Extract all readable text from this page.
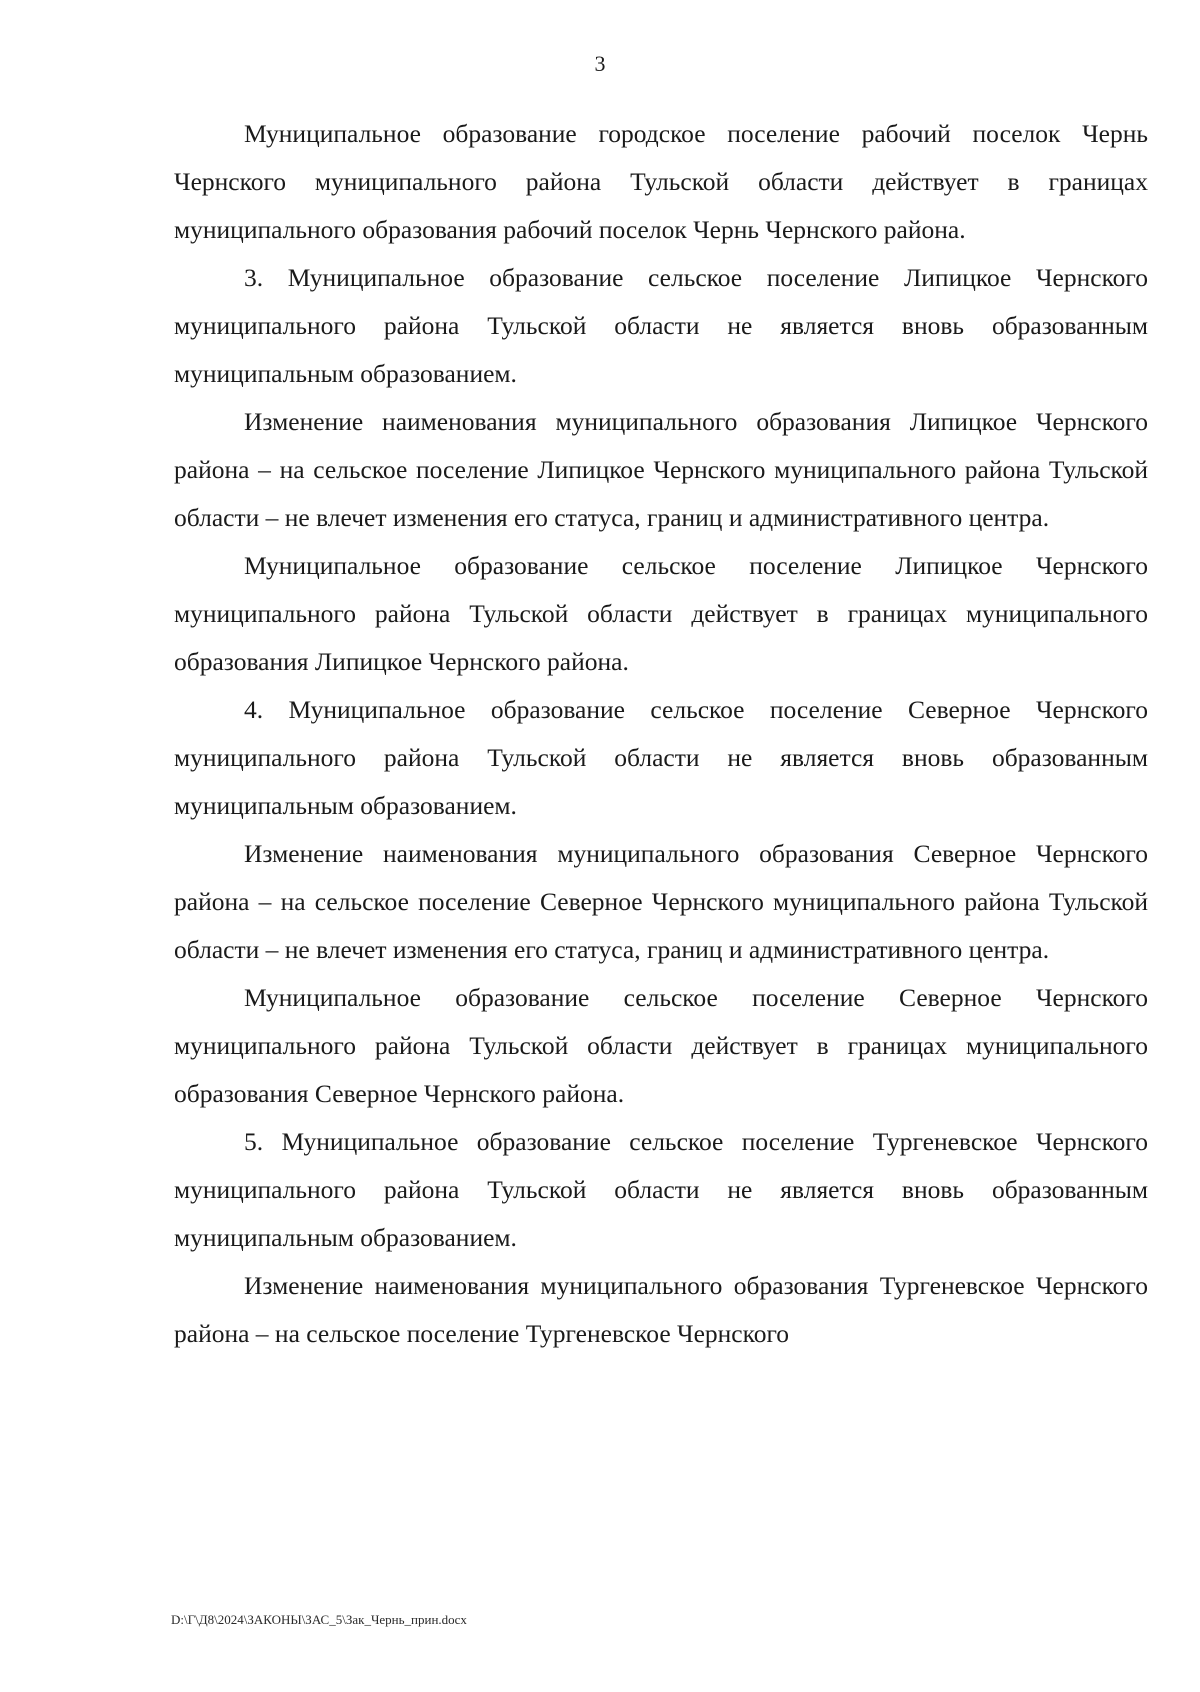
3

Муниципальное образование городское поселение рабочий поселок Чернь Чернского муниципального района Тульской области действует в границах муниципального образования рабочий поселок Чернь Чернского района.

3. Муниципальное образование сельское поселение Липицкое Чернского муниципального района Тульской области не является вновь образованным муниципальным образованием.

Изменение наименования муниципального образования Липицкое Чернского района – на сельское поселение Липицкое Чернского муниципального района Тульской области – не влечет изменения его статуса, границ и административного центра.

Муниципальное образование сельское поселение Липицкое Чернского муниципального района Тульской области действует в границах муниципального образования Липицкое Чернского района.

4. Муниципальное образование сельское поселение Северное Чернского муниципального района Тульской области не является вновь образованным муниципальным образованием.

Изменение наименования муниципального образования Северное Чернского района – на сельское поселение Северное Чернского муниципального района Тульской области – не влечет изменения его статуса, границ и административного центра.

Муниципальное образование сельское поселение Северное Чернского муниципального района Тульской области действует в границах муниципального образования Северное Чернского района.

5. Муниципальное образование сельское поселение Тургеневское Чернского муниципального района Тульской области не является вновь образованным муниципальным образованием.

Изменение наименования муниципального образования Тургеневское Чернского района – на сельское поселение Тургеневское Чернского

D:\Г\Д8\2024\ЗАКОНЫ\ЗАС_5\Зак_Чернь_прин.docx
